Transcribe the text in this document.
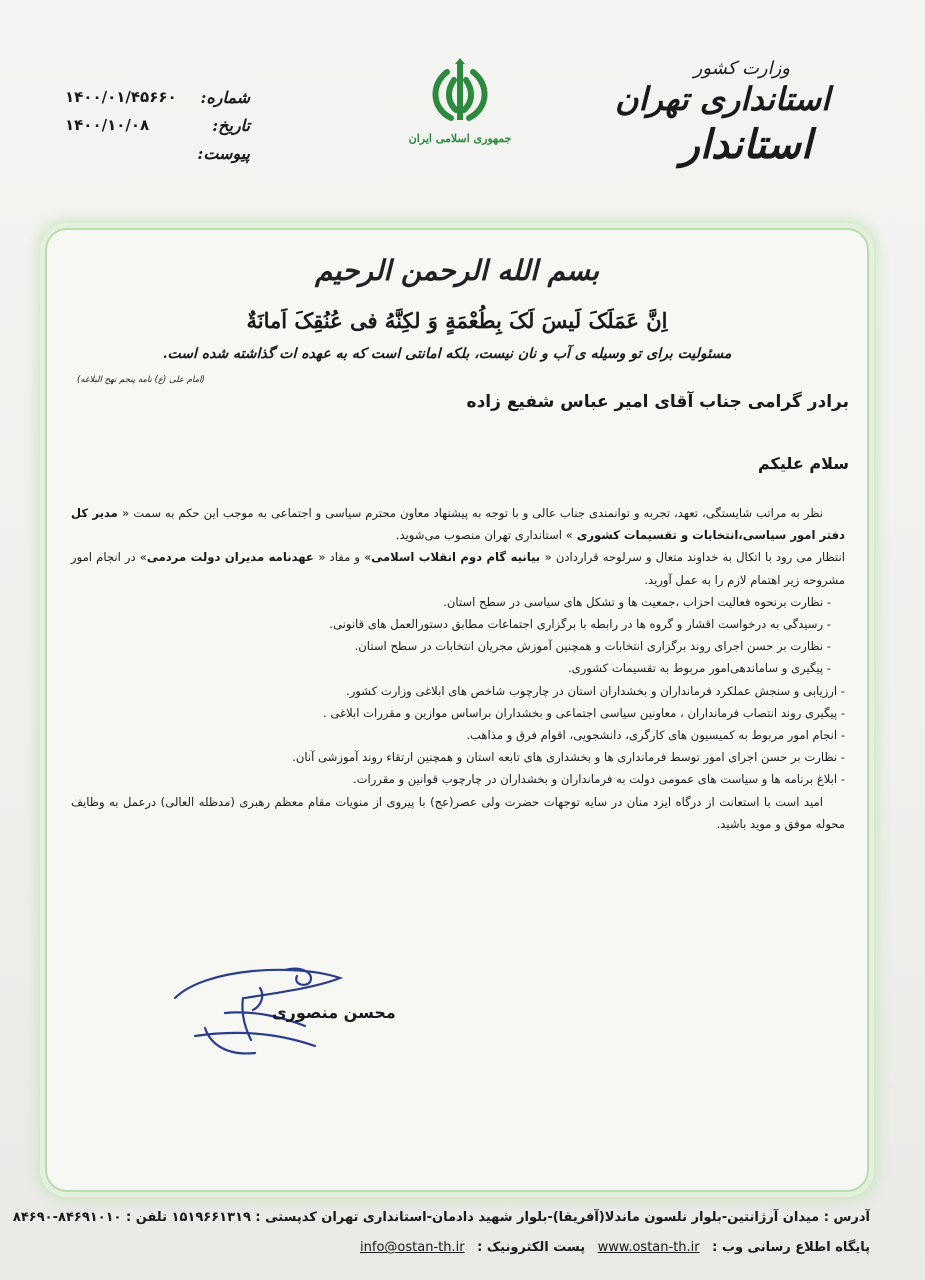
وزارت کشور
استانداری تهران
استاندار
جمهوری اسلامی ایران
شماره:
۱۴۰۰/۰۱/۴۵۶۶۰
تاریخ:
۱۴۰۰/۱۰/۰۸
پیوست:
بسم الله الرحمن الرحیم
اِنَّ عَمَلَکَ لَیسَ لَکَ بِطُعْمَةٍ وَ لکِنَّهُ فی عُنُقِکَ اَمانَةٌ
مسئولیت برای تو وسیله ی آب و نان نیست، بلکه امانتی است که به عهده ات گذاشته شده است.
(امام علی (ع) نامه پنجم نهج البلاغه)
برادر گرامی جناب آقای امیر عباس شفیع زاده
سلام علیکم

نظر به مراتب شایستگی، تعهد، تجربه و توانمندی جناب عالی و با توجه به پیشنهاد معاون محترم سیاسی و اجتماعی به موجب این حکم به سمت « مدیر کل دفتر امور سیاسی،انتخابات و تقسیمات کشوری » استانداری تهران منصوب می‌شوید.

انتظار می رود با اتکال به خداوند متعال و سرلوحه قراردادن « بیانیه گام دوم انقلاب اسلامی» و مفاد « عهدنامه مدیران دولت مردمی» در انجام امور مشروحه زیر اهتمام لازم را به عمل آورید.

- نظارت برنحوه فعالیت احزاب ،جمعیت ها و تشکل های سیاسی در سطح استان.
- رسیدگی به درخواست اقشار و گروه ها در رابطه با برگزاری اجتماعات مطابق دستورالعمل های قانونی.
- نظارت بر حسن اجرای روند برگزاری انتخابات و همچنین آموزش مجریان انتخابات در سطح استان.
- پیگیری و ساماندهی‌امور مربوط به تقسیمات کشوری.
- ارزیابی و سنجش عملکرد فرمانداران و بخشداران استان در چارچوب شاخص های ابلاغی وزارت کشور.
- پیگیری روند انتصاب فرمانداران ، معاونین سیاسی اجتماعی و بخشداران براساس موازین و مقررات ابلاغی .
- انجام امور مربوط به کمیسیون های کارگری، دانشجویی، اقوام فرق و مذاهب.
- نظارت بر حسن اجرای امور توسط فرمانداری ها و بخشداری های تابعه استان و همچنین ارتقاء روند آموزشی آنان.
- ابلاغ برنامه ها و سیاست های عمومی دولت به فرمانداران و بخشداران در چارچوب قوانین و مقررات.

امید است با استعانت از درگاه ایزد منان در سایه توجهات حضرت ولی عصر(عج) با پیروی از منویات مقام معظم رهبری (مدظله العالی) درعمل به وظایف محوله موفق و موید باشید.

محسن منصوری
آدرس : میدان آرژانتین-بلوار نلسون ماندلا(آفریقا)-بلوار شهید دادمان-استانداری تهران کدپستی : ۱۵۱۹۶۶۱۳۱۹ تلفن : ۸۴۶۹۱۰۱۰-۸۴۶۹۰
پایگاه اطلاع رسانی وب : www.ostan-th.ir پست الکترونیک : info@ostan-th.ir
